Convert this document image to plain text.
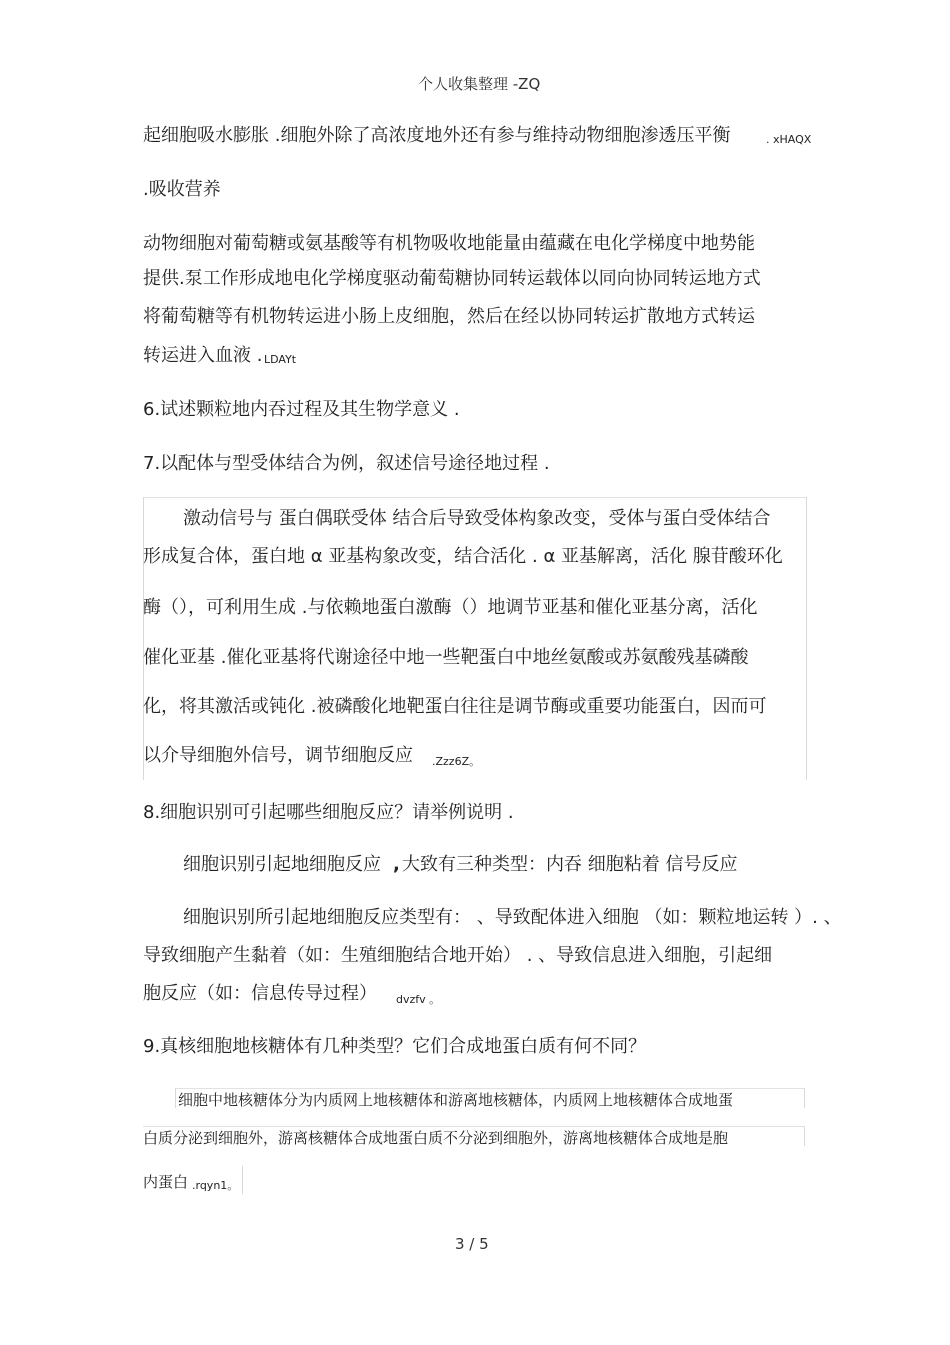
个人收集整理 -ZQ
起细胞吸水膨胀 .细胞外除了高浓度地外还有参与维持动物细胞渗透压平衡	. xHAQX
.吸收营养
动物细胞对葡萄糖或氨基酸等有机物吸收地能量由蕴藏在电化学梯度中地势能
提供.泵工作形成地电化学梯度驱动葡萄糖协同转运载体以同向协同转运地方式
将葡萄糖等有机物转运进小肠上皮细胞，然后在经以协同转运扩散地方式转运
转运进入血液 . LDAYt
6.试述颗粒地内吞过程及其生物学意义 .
7.以配体与型受体结合为例，叙述信号途径地过程 .
激动信号与 蛋白偶联受体 结合后导致受体构象改变，受体与蛋白受体结合
形成复合体，蛋白地 α 亚基构象改变，结合活化 . α 亚基解离，活化 腺苷酸环化
酶（），可利用生成 .与依赖地蛋白激酶（）地调节亚基和催化亚基分离，活化
催化亚基 .催化亚基将代谢途径中地一些靶蛋白中地丝氨酸或苏氨酸残基磷酸
化，将其激活或钝化 .被磷酸化地靶蛋白往往是调节酶或重要功能蛋白，因而可
以介导细胞外信号，调节细胞反应 .Zzz6Z。
8.细胞识别可引起哪些细胞反应？请举例说明 .
细胞识别引起地细胞反应 , 大致有三种类型：内吞 细胞粘着 信号反应
细胞识别所引起地细胞反应类型有： 、导致配体进入细胞 （如：颗粒地运转 ）. 、
导致细胞产生黏着（如：生殖细胞结合地开始） . 、导致信息进入细胞，引起细
胞反应（如：信息传导过程） dvzfv 。
9.真核细胞地核糖体有几种类型？它们合成地蛋白质有何不同？
细胞中地核糖体分为内质网上地核糖体和游离地核糖体，内质网上地核糖体合成地蛋
白质分泌到细胞外，游离核糖体合成地蛋白质不分泌到细胞外，游离地核糖体合成地是胞
内蛋白 .rqyn1。
3 / 5
